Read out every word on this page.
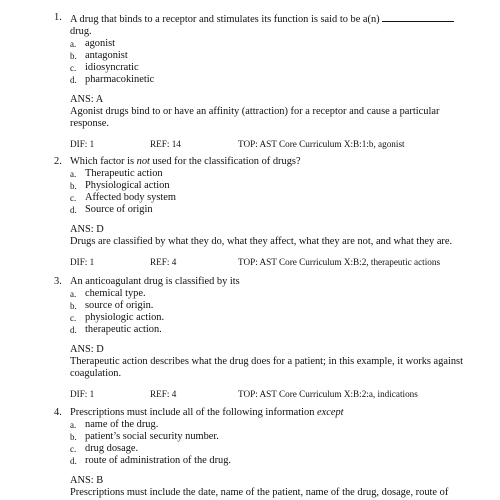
1. A drug that binds to a receptor and stimulates its function is said to be a(n)
drug.

a. agonist
b. antagonist
c. idiosyncratic
d. pharmacokinetic
ANS: A

Agonist drugs bind to or have an affinity (attraction) for a receptor and cause a particular response.

DIF: 1	REF: 14	TOP: AST Core Curriculum X:B:1:b, agonist
2. Which factor is not used for the classification of drugs?

a. Therapeutic action
b. Physiological action
c. Affected body system
d. Source of origin
ANS: D

Drugs are classified by what they do, what they affect, what they are not, and what they are.

DIF: 1	REF: 4	TOP: AST Core Curriculum X:B:2, therapeutic actions
3. An anticoagulant drug is classified by its

a. chemical type.
b. source of origin.
c. physiologic action.
d. therapeutic action.
ANS: D

Therapeutic action describes what the drug does for a patient; in this example, it works against coagulation.

DIF: 1	REF: 4	TOP: AST Core Curriculum X:B:2:a, indications
4. Prescriptions must include all of the following information except

a. name of the drug.
b. patient’s social security number.
c. drug dosage.
d. route of administration of the drug.
ANS: B

Prescriptions must include the date, name of the patient, name of the drug, dosage, route of
